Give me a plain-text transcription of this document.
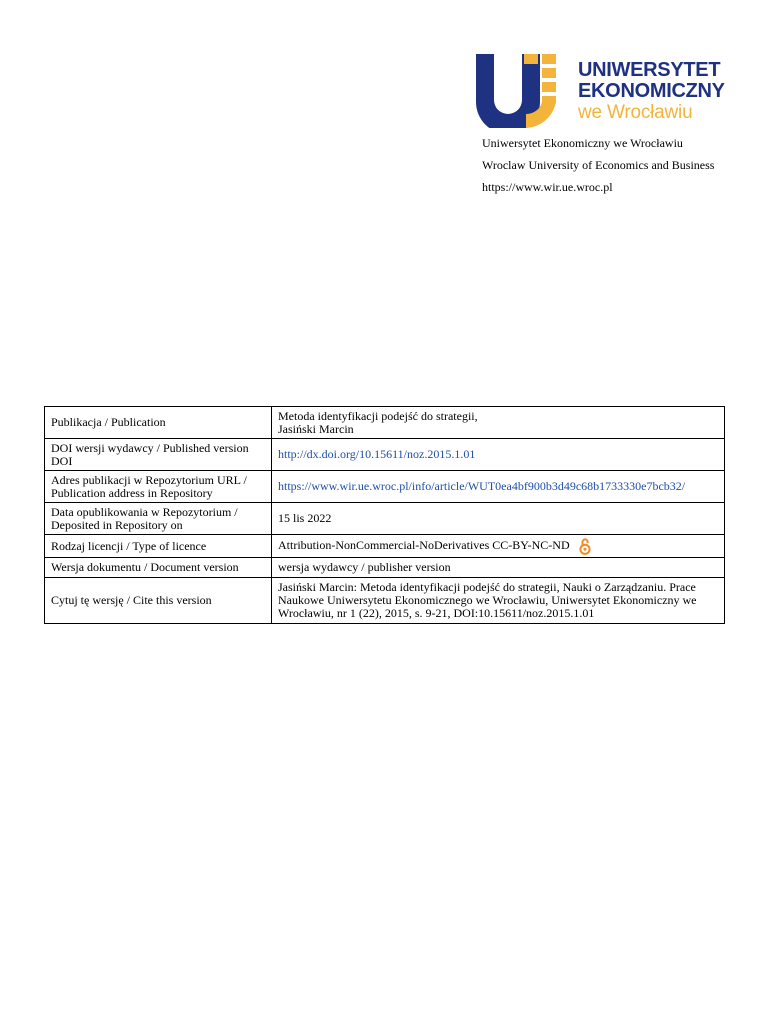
UNIWERSYTET
EKONOMICZNY
we Wrocławiu
Uniwersytet Ekonomiczny we Wrocławiu
Wroclaw University of Economics and Business
https://www.wir.ue.wroc.pl
Publikacja / Publication	Metoda identyfikacji podejść do strategii,
Jasiński Marcin
DOI wersji wydawcy / Published version DOI	http://dx.doi.org/10.15611/noz.2015.1.01
Adres publikacji w Repozytorium URL / Publication address in Repository	https://www.wir.ue.wroc.pl/info/article/WUT0ea4bf900b3d49c68b1733330e7bcb32/
Data opublikowania w Repozytorium / Deposited in Repository on	15 lis 2022
Rodzaj licencji / Type of licence	Attribution-NonCommercial-NoDerivatives CC-BY-NC-ND
Wersja dokumentu / Document version	wersja wydawcy / publisher version
Cytuj tę wersję / Cite this version	Jasiński Marcin: Metoda identyfikacji podejść do strategii, Nauki o Zarządzaniu. Prace Naukowe Uniwersytetu Ekonomicznego we Wrocławiu, Uniwersytet Ekonomiczny we Wrocławiu, nr 1 (22), 2015, s. 9-21, DOI:10.15611/noz.2015.1.01
